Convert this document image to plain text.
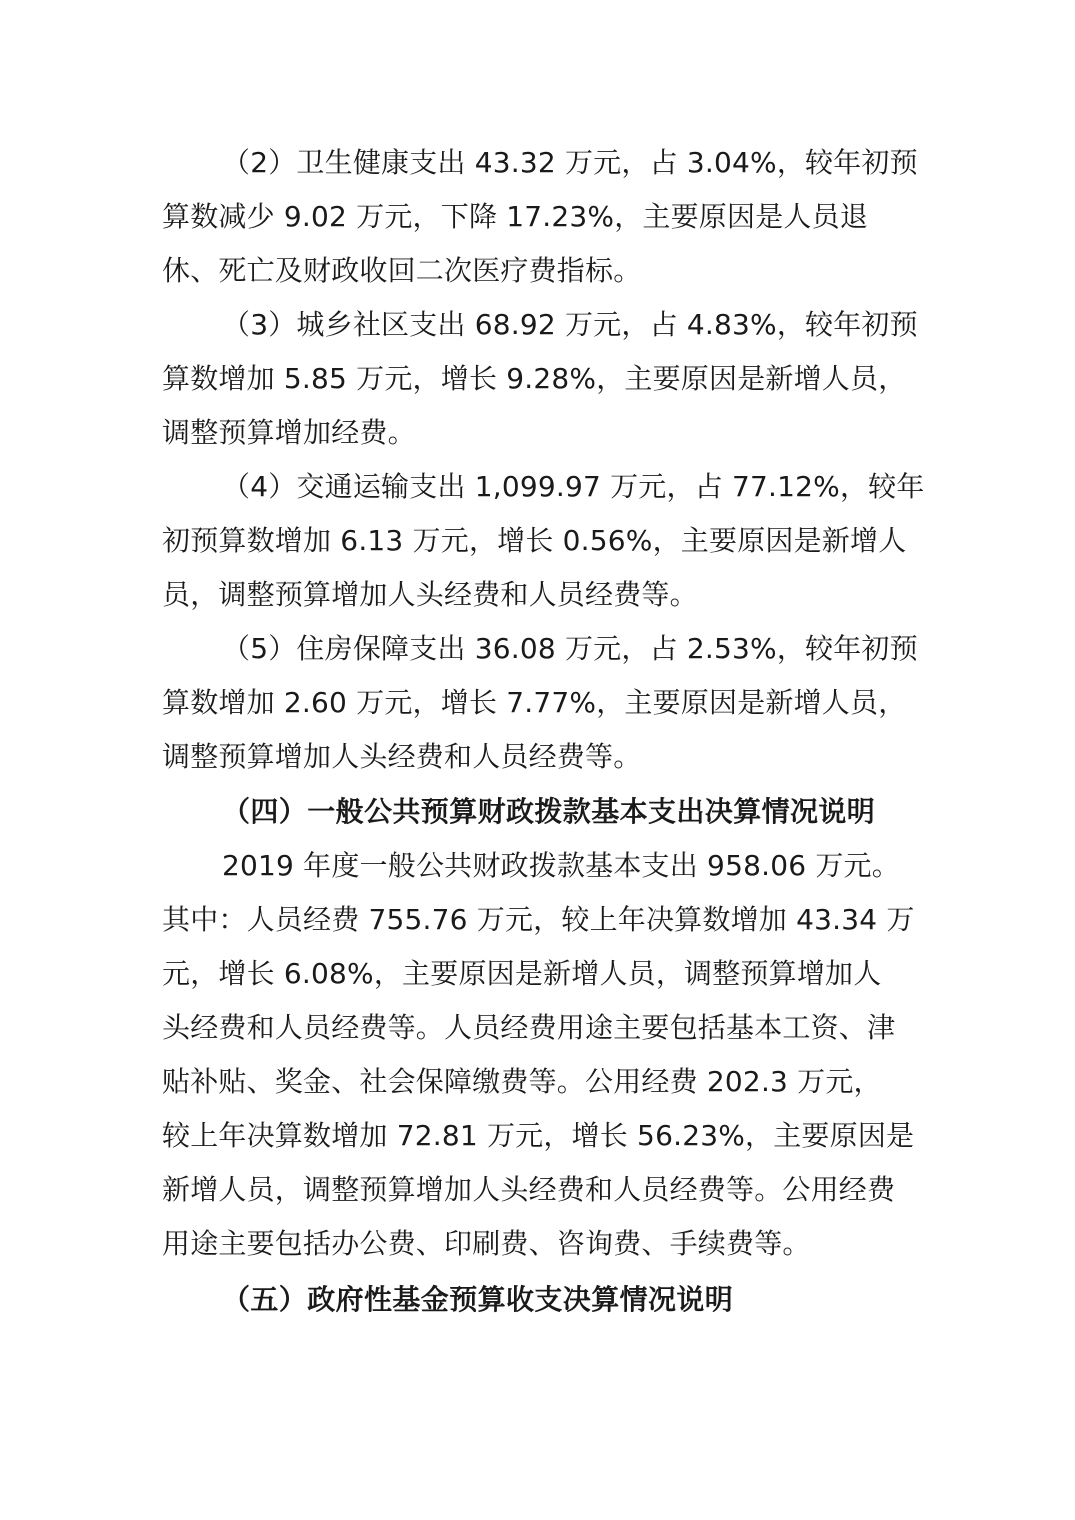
（2）卫生健康支出 43.32 万元，占 3.04%，较年初预
算数减少 9.02 万元，下降 17.23%，主要原因是人员退
休、死亡及财政收回二次医疗费指标。
（3）城乡社区支出 68.92 万元，占 4.83%，较年初预
算数增加 5.85 万元，增长 9.28%，主要原因是新增人员，
调整预算增加经费。
（4）交通运输支出 1,099.97 万元，占 77.12%，较年
初预算数增加 6.13 万元，增长 0.56%，主要原因是新增人
员，调整预算增加人头经费和人员经费等。
（5）住房保障支出 36.08 万元，占 2.53%，较年初预
算数增加 2.60 万元，增长 7.77%，主要原因是新增人员，
调整预算增加人头经费和人员经费等。
（四）一般公共预算财政拨款基本支出决算情况说明
2019 年度一般公共财政拨款基本支出 958.06 万元。
其中：人员经费 755.76 万元，较上年决算数增加 43.34 万
元，增长 6.08%，主要原因是新增人员，调整预算增加人
头经费和人员经费等。人员经费用途主要包括基本工资、津
贴补贴、奖金、社会保障缴费等。公用经费 202.3 万元，
较上年决算数增加 72.81 万元，增长 56.23%，主要原因是
新增人员，调整预算增加人头经费和人员经费等。公用经费
用途主要包括办公费、印刷费、咨询费、手续费等。
（五）政府性基金预算收支决算情况说明
